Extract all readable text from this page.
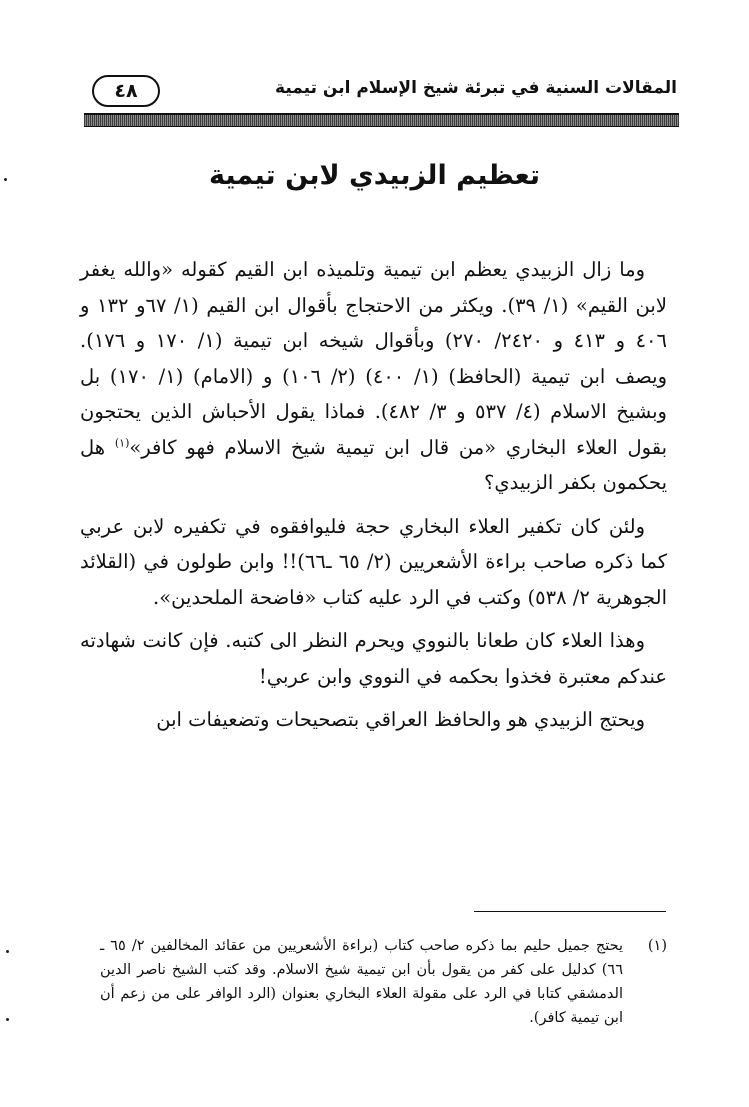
المقالات السنية في تبرئة شيخ الإسلام ابن تيمية
٤٨
تعظيم الزبيدي لابن تيمية

وما زال الزبيدي يعظم ابن تيمية وتلميذه ابن القيم كقوله «والله يغفر لابن القيم» (١/ ٣٩). ويكثر من الاحتجاج بأقوال ابن القيم (١/ ٦٧و ١٣٢ و ٤٠٦ و ٤١٣ و ٢٤٢٠/ ٢٧٠) وبأقوال شيخه ابن تيمية (١/ ١٧٠ و ١٧٦). ويصف ابن تيمية (الحافظ) (١/ ٤٠٠) (٢/ ١٠٦) و (الامام) (١/ ١٧٠) بل وبشيخ الاسلام (٤/ ٥٣٧ و ٣/ ٤٨٢). فماذا يقول الأحباش الذين يحتجون بقول العلاء البخاري «من قال ابن تيمية شيخ الاسلام فهو كافر»$^{(١)}$ هل يحكمون بكفر الزبيدي؟

ولئن كان تكفير العلاء البخاري حجة فليوافقوه في تكفيره لابن عربي كما ذكره صاحب براءة الأشعريين (٢/ ٦٥ ـ٦٦)!! وابن طولون في (القلائد الجوهرية ٢/ ٥٣٨) وكتب في الرد عليه كتاب «فاضحة الملحدين».

وهذا العلاء كان طعانا بالنووي ويحرم النظر الى كتبه. فإن كانت شهادته عندكم معتبرة فخذوا بحكمه في النووي وابن عربي!

ويحتج الزبيدي هو والحافظ العراقي بتصحيحات وتضعيفات ابن

(١)
يحتج جميل حليم بما ذكره صاحب كتاب (براءة الأشعريين من عقائد المخالفين ٢/ ٦٥ ـ ٦٦) كدليل على كفر من يقول بأن ابن تيمية شيخ الاسلام. وقد كتب الشيخ ناصر الدين الدمشقي كتابا في الرد على مقولة العلاء البخاري بعنوان (الرد الوافر على من زعم أن ابن تيمية كافر).
